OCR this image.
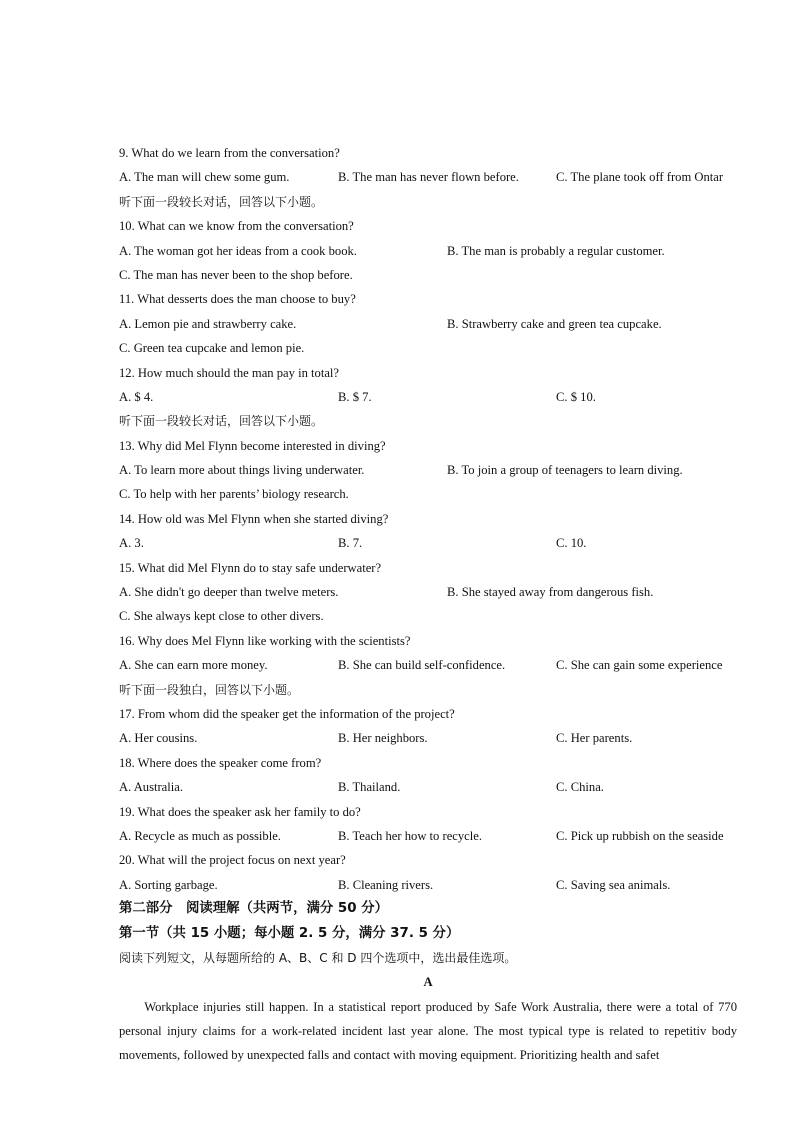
9. What do we learn from the conversation?
A. The man will chew some gum.	B. The man has never flown before.	C. The plane took off from Ontar
听下面一段较长对话，回答以下小题。
10. What can we know from the conversation?
A. The woman got her ideas from a cook book.	B. The man is probably a regular customer.
C. The man has never been to the shop before.
11. What desserts does the man choose to buy?
A. Lemon pie and strawberry cake.	B. Strawberry cake and green tea cupcake.
C. Green tea cupcake and lemon pie.
12. How much should the man pay in total?
A. $ 4.	B. $ 7.	C. $ 10.
听下面一段较长对话，回答以下小题。
13. Why did Mel Flynn become interested in diving?
A. To learn more about things living underwater.	B. To join a group of teenagers to learn diving.
C. To help with her parents’ biology research.
14. How old was Mel Flynn when she started diving?
A. 3.	B. 7.	C. 10.
15. What did Mel Flynn do to stay safe underwater?
A. She didn't go deeper than twelve meters.	B. She stayed away from dangerous fish.
C. She always kept close to other divers.
16. Why does Mel Flynn like working with the scientists?
A. She can earn more money.	B. She can build self-confidence.	C. She can gain some experience
听下面一段独白，回答以下小题。
17. From whom did the speaker get the information of the project?
A. Her cousins.	B. Her neighbors.	C. Her parents.
18. Where does the speaker come from?
A. Australia.	B. Thailand.	C. China.
19. What does the speaker ask her family to do?
A. Recycle as much as possible.	B. Teach her how to recycle.	C. Pick up rubbish on the seaside
20. What will the project focus on next year?
A. Sorting garbage.	B. Cleaning rivers.	C. Saving sea animals.
第二部分　阅读理解（共两节，满分 50 分）
第一节（共 15 小题；每小题 2. 5 分，满分 37. 5 分）
阅读下列短文，从每题所给的 A、B、C 和 D 四个选项中，选出最佳选项。
A
Workplace injuries still happen. In a statistical report produced by Safe Work Australia, there were a total of 770 personal injury claims for a work-related incident last year alone. The most typical type is related to repetitiv body movements, followed by unexpected falls and contact with moving equipment. Prioritizing health and safet
